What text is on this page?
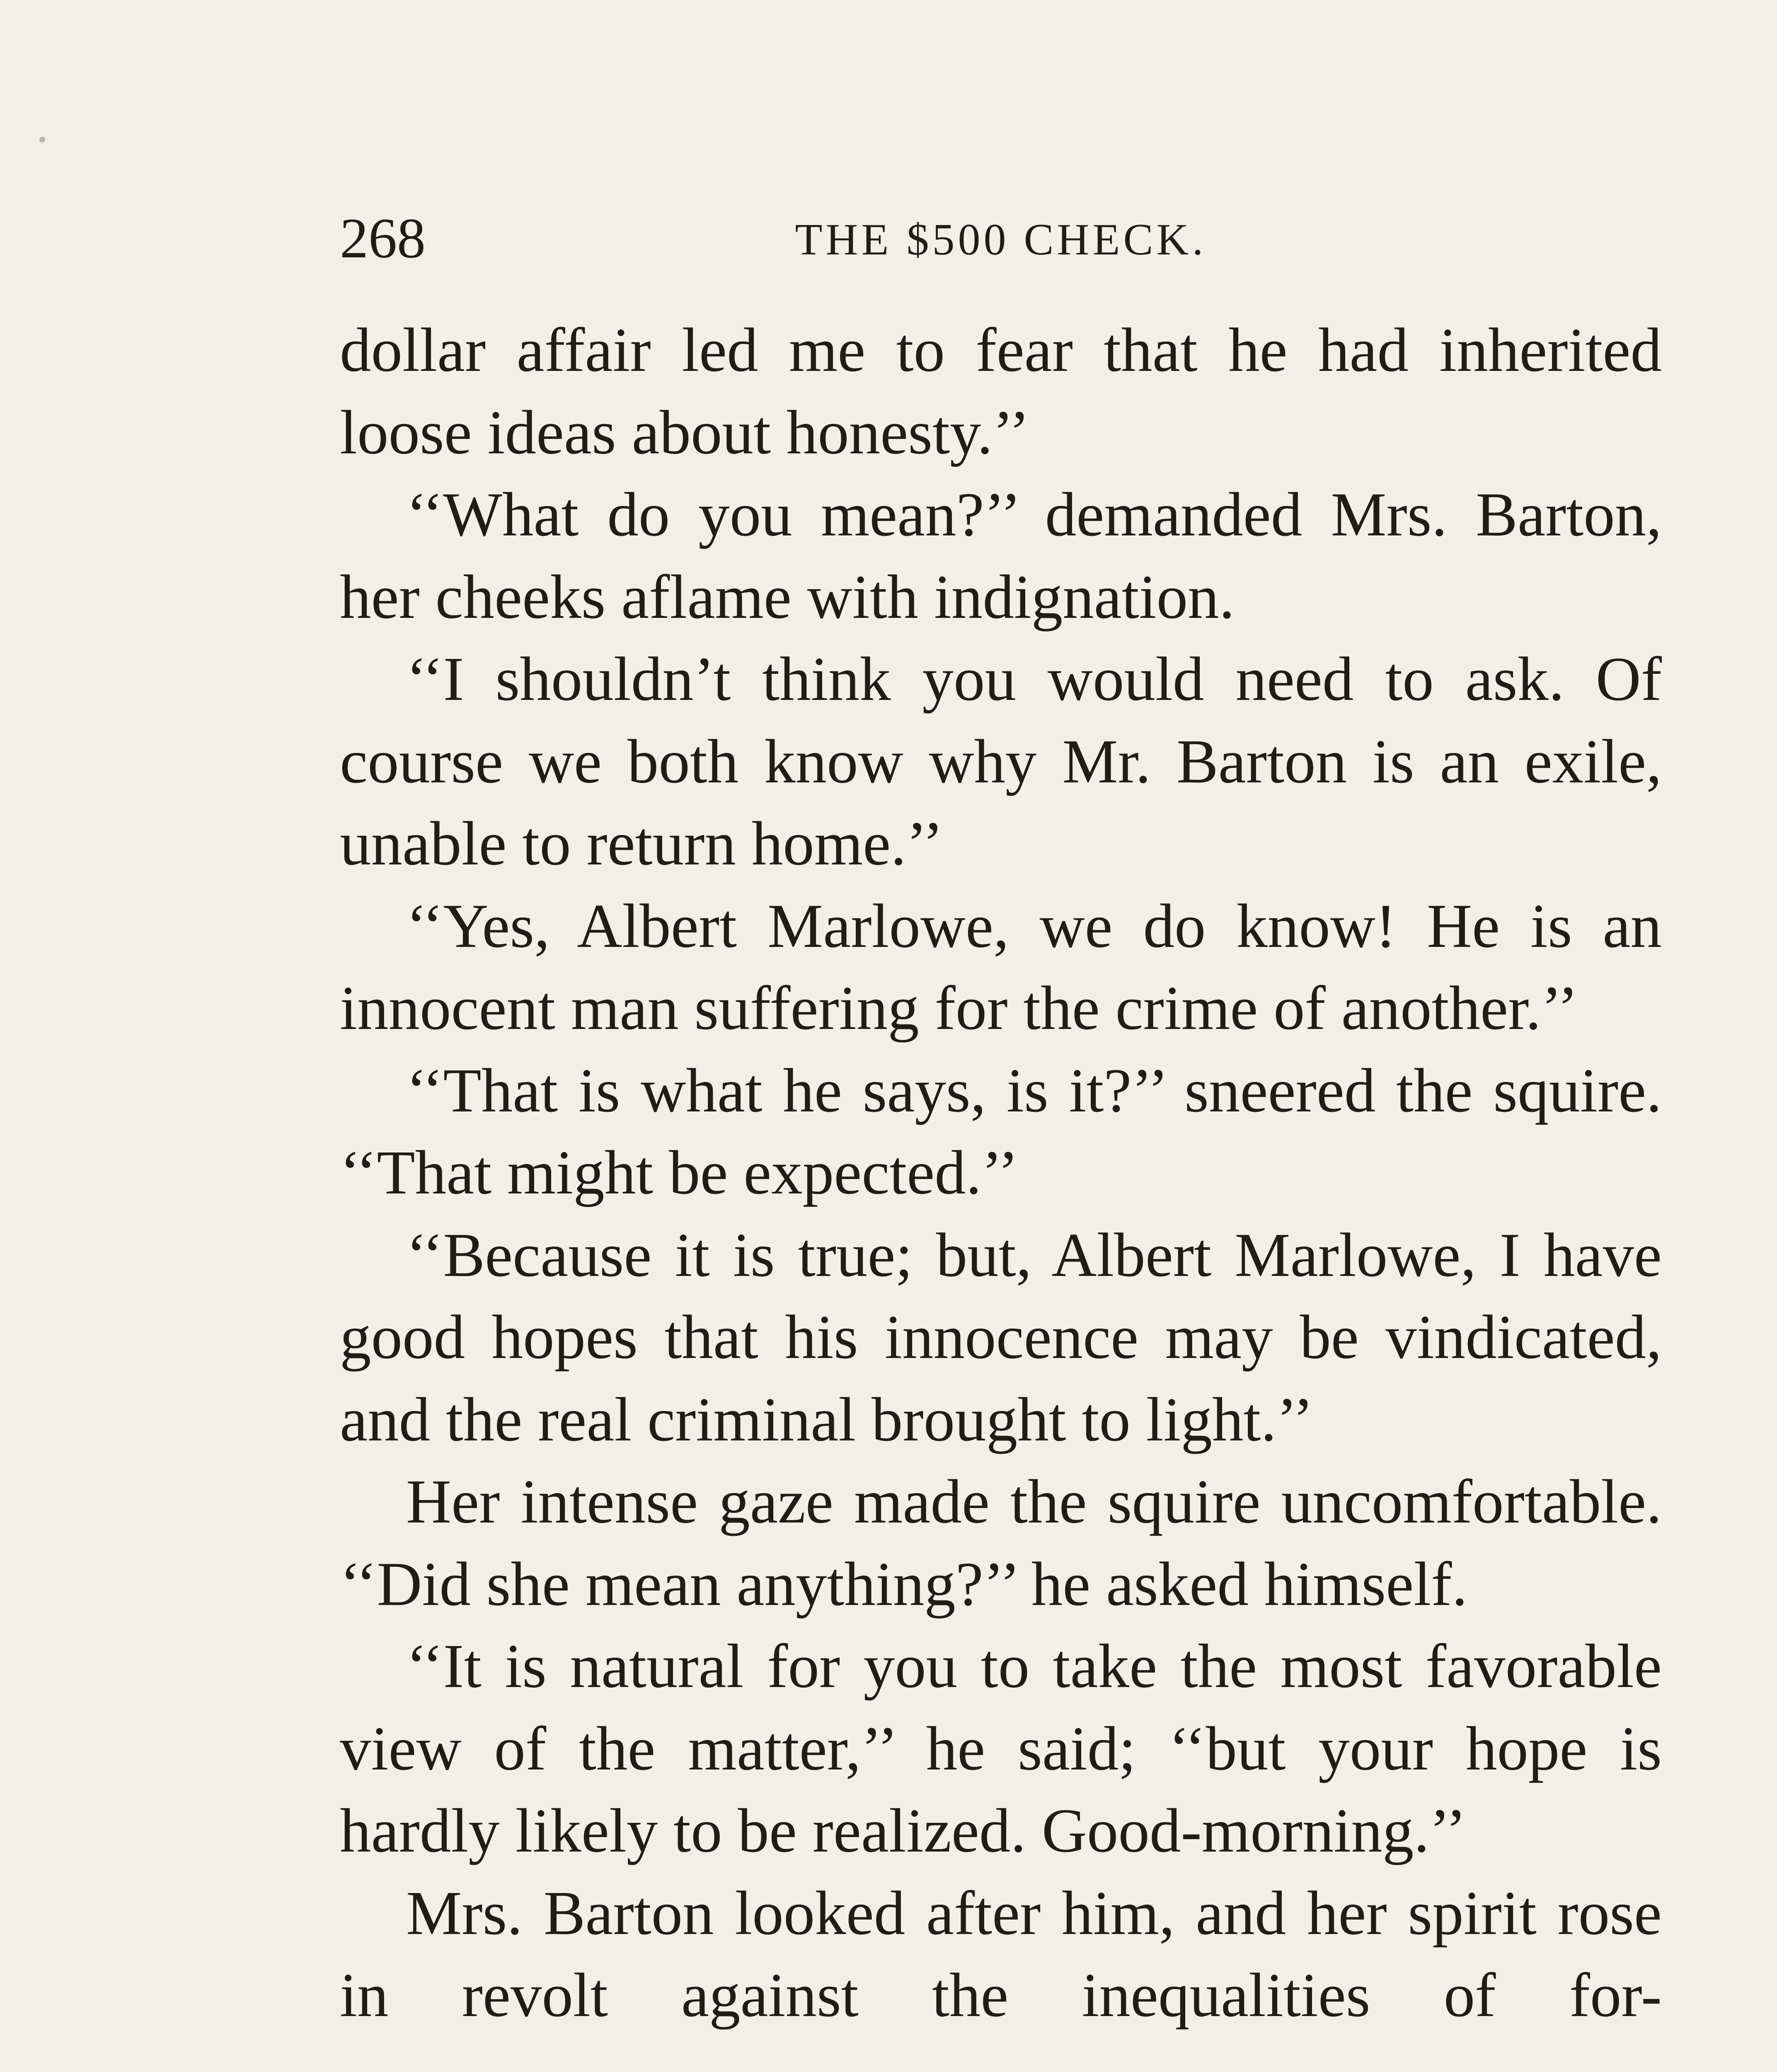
268	THE $500 CHECK.

dollar affair led me to fear that he had inherited loose ideas about honesty.’’

‘‘What do you mean?’’ demanded Mrs. Barton, her cheeks aflame with indignation.

‘‘I shouldn’t think you would need to ask. Of course we both know why Mr. Barton is an exile, unable to return home.’’

‘‘Yes, Albert Marlowe, we do know! He is an innocent man suffering for the crime of another.’’

‘‘That is what he says, is it?’’ sneered the squire. ‘‘That might be expected.’’

‘‘Because it is true; but, Albert Marlowe, I have good hopes that his innocence may be vindicated, and the real criminal brought to light.’’

Her intense gaze made the squire uncomfortable. ‘‘Did she mean anything?’’ he asked himself.

‘‘It is natural for you to take the most favorable view of the matter,’’ he said; ‘‘but your hope is hardly likely to be realized. Good-morning.’’

Mrs. Barton looked after him, and her spirit rose in revolt against the inequalities of for-
